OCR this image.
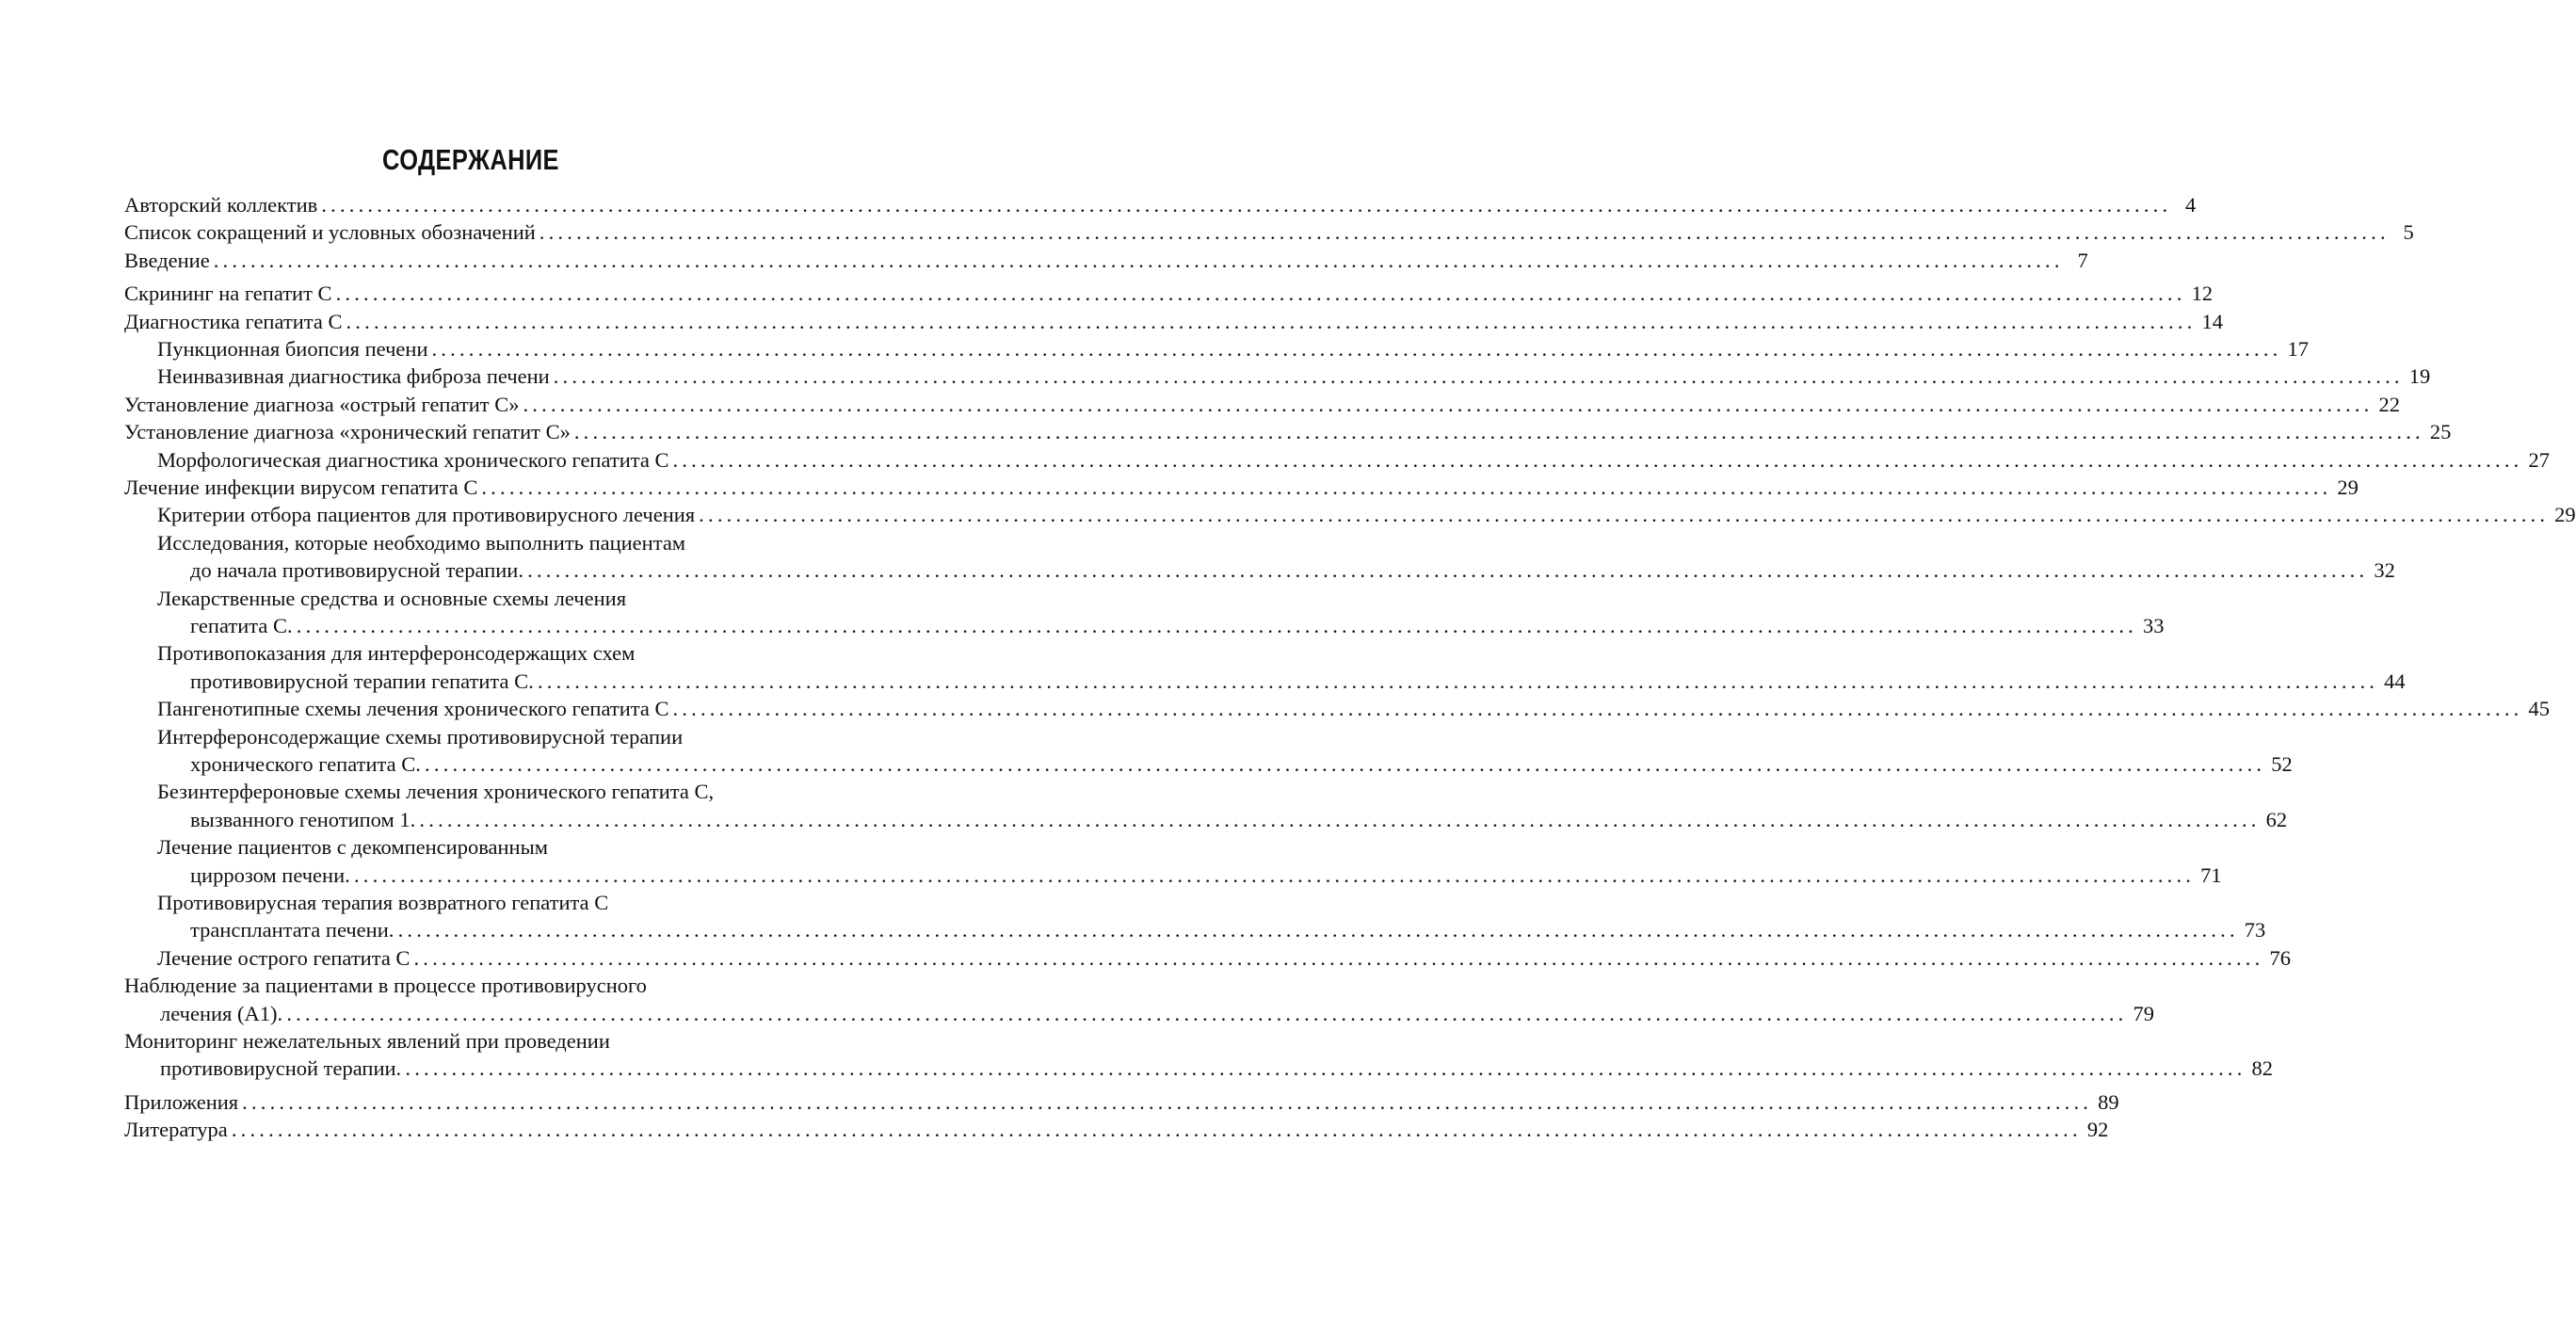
СОДЕРЖАНИЕ
Авторский коллектив ........................................................................................................................................................................................................ 4
Список сокращений и условных обозначений ........................................................................................................................................................................................................ 5
Введение ........................................................................................................................................................................................................ 7
Скрининг на гепатит С ........................................................................................................................................................................................................ 12
Диагностика гепатита С ........................................................................................................................................................................................................ 14
Пункционная биопсия печени ........................................................................................................................................................................................................ 17
Неинвазивная диагностика фиброза печени ........................................................................................................................................................................................................ 19
Установление диагноза «острый гепатит С» ........................................................................................................................................................................................................ 22
Установление диагноза «хронический гепатит С» ........................................................................................................................................................................................................ 25
Морфологическая диагностика хронического гепатита С ........................................................................................................................................................................................................ 27
Лечение инфекции вирусом гепатита С ........................................................................................................................................................................................................ 29
Критерии отбора пациентов для противовирусного лечения ........................................................................................................................................................................................................ 29
Исследования, которые необходимо выполнить пациентам
до начала противовирусной терапии ........................................................................................................................................................................................................ 32
Лекарственные средства и основные схемы лечения
гепатита С ........................................................................................................................................................................................................ 33
Противопоказания для интерферонсодержащих схем
противовирусной терапии гепатита С ........................................................................................................................................................................................................ 44
Пангенотипные схемы лечения хронического гепатита С ........................................................................................................................................................................................................ 45
Интерферонсодержащие схемы противовирусной терапии
хронического гепатита С ........................................................................................................................................................................................................ 52
Безинтерфероновые схемы лечения хронического гепатита С,
вызванного генотипом 1 ........................................................................................................................................................................................................ 62
Лечение пациентов с декомпенсированным
циррозом печени ........................................................................................................................................................................................................ 71
Противовирусная терапия возвратного гепатита С
трансплантата печени ........................................................................................................................................................................................................ 73
Лечение острого гепатита С ........................................................................................................................................................................................................ 76
Наблюдение за пациентами в процессе противовирусного
лечения (А1) ........................................................................................................................................................................................................ 79
Мониторинг нежелательных явлений при проведении
противовирусной терапии ........................................................................................................................................................................................................ 82
Приложения ........................................................................................................................................................................................................ 89
Литература ........................................................................................................................................................................................................ 92
